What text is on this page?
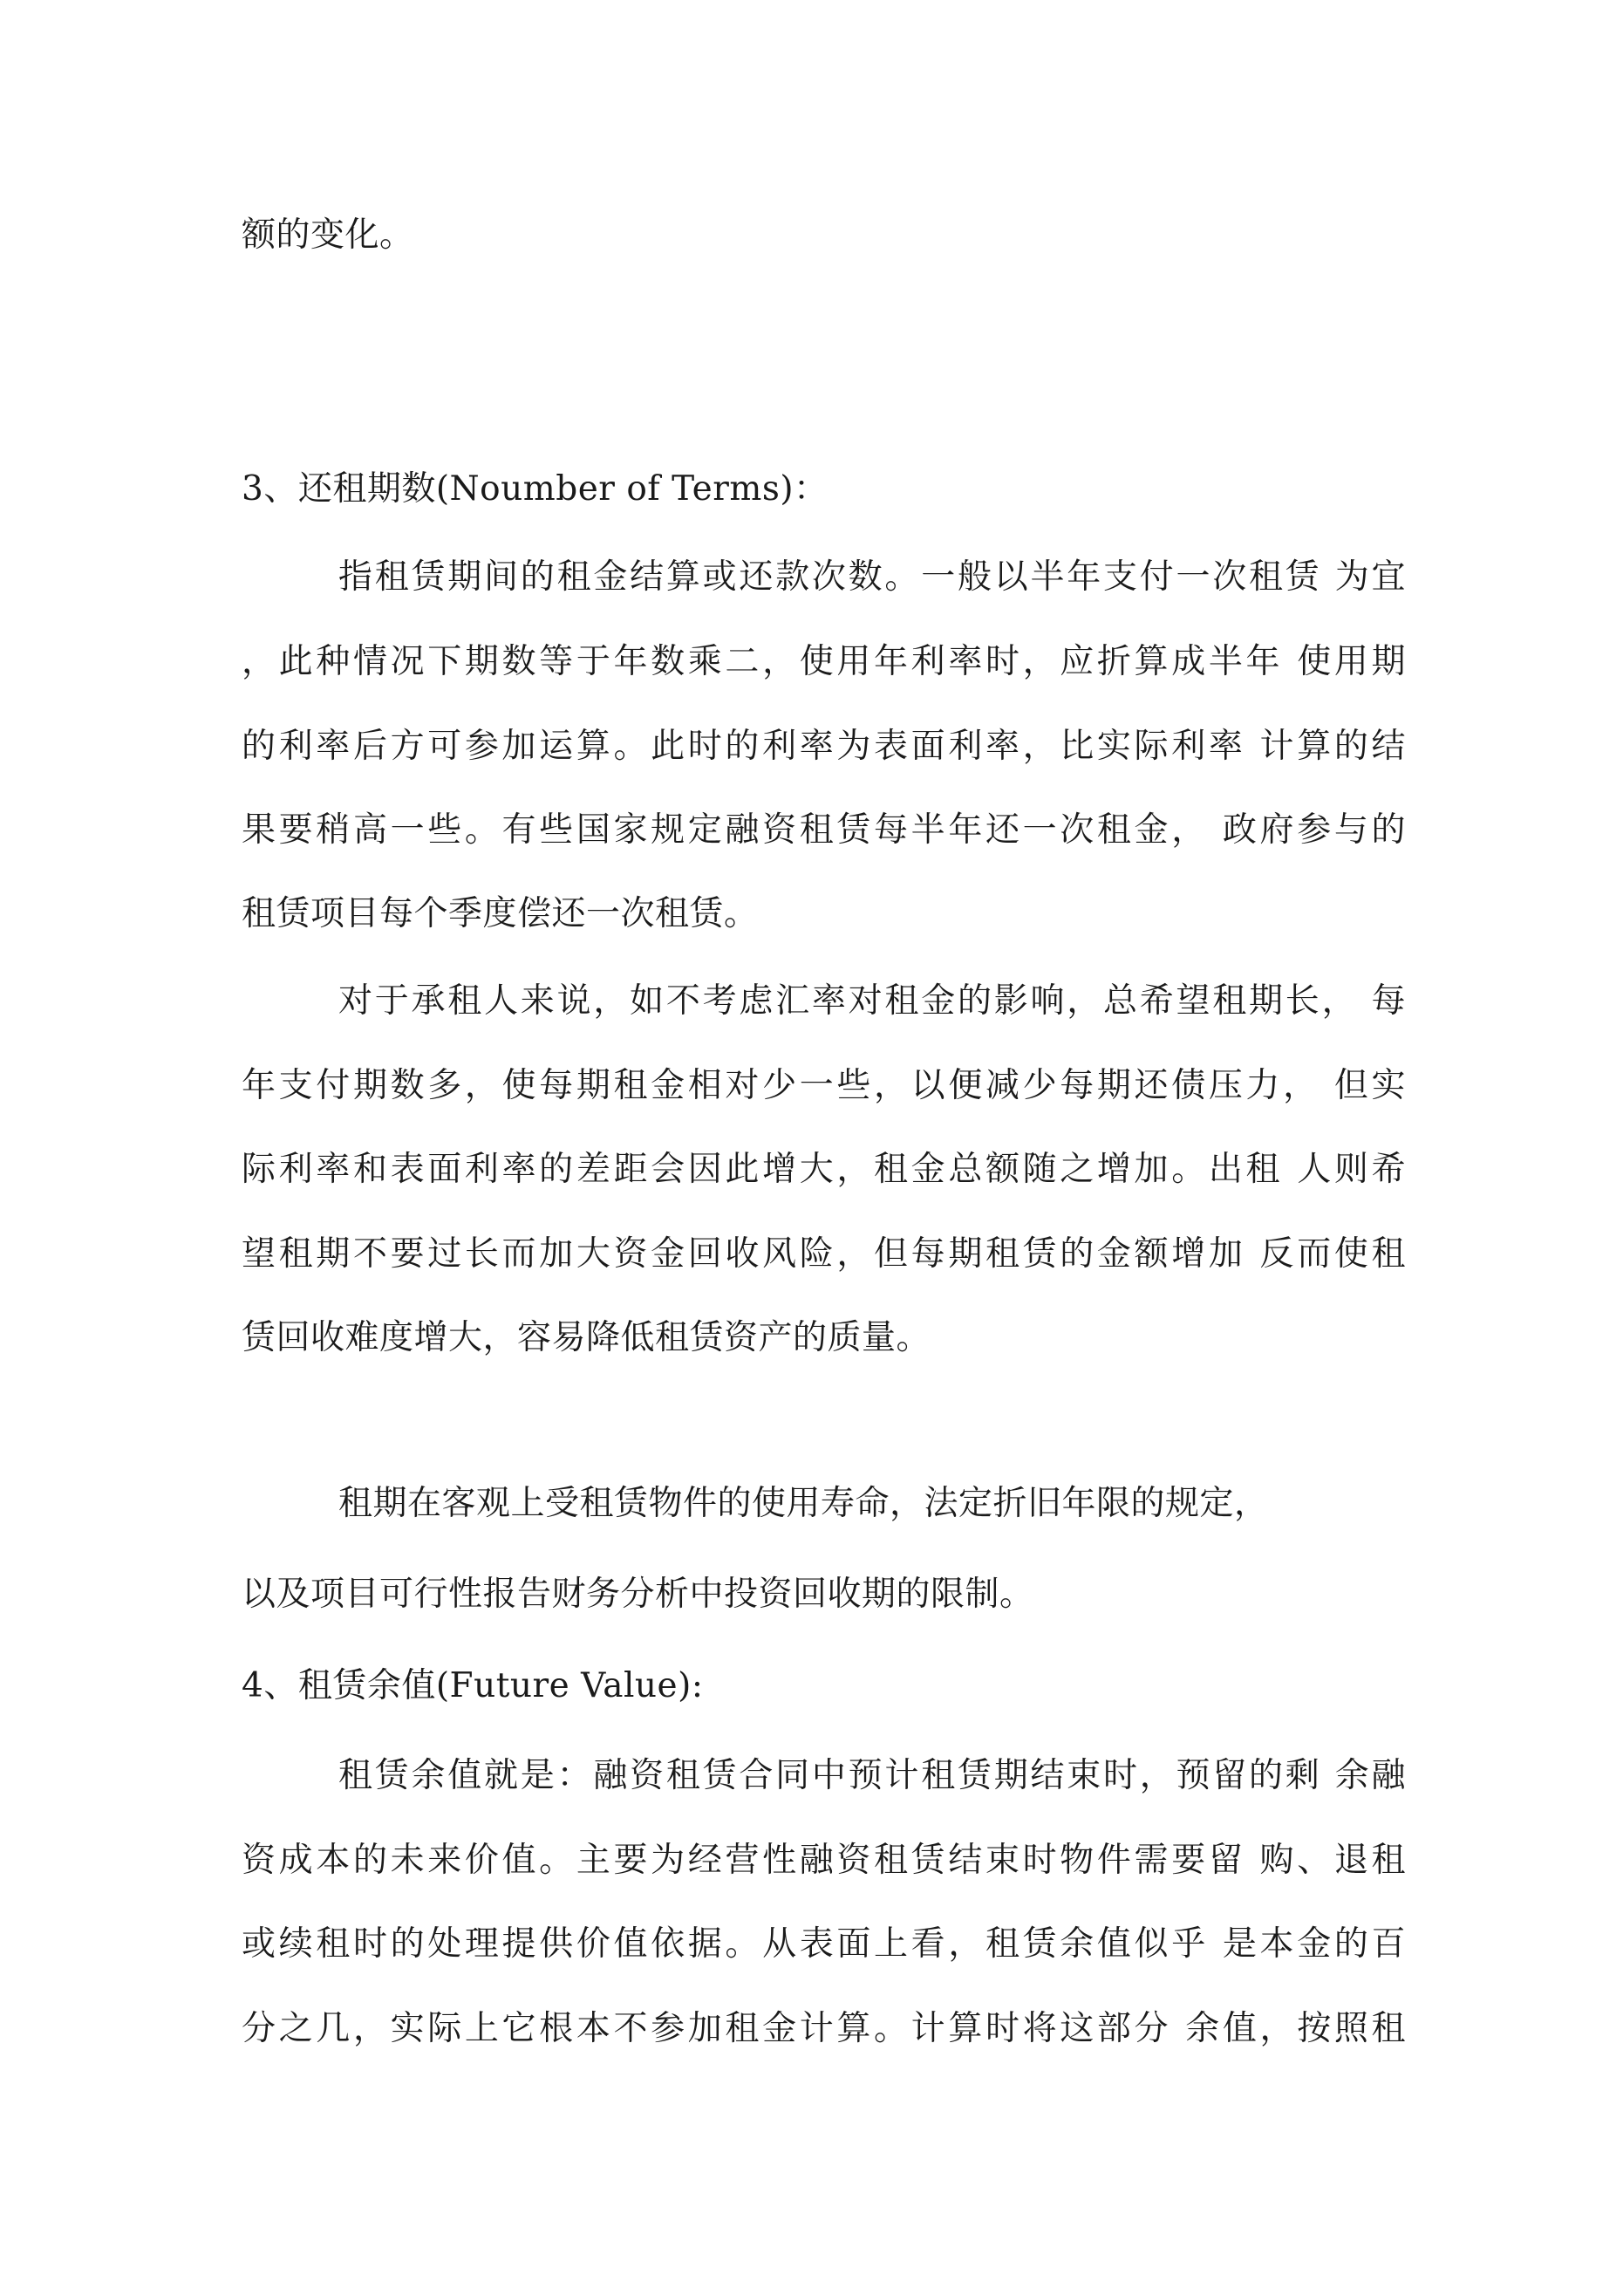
额的变化。
3、还租期数(Noumber of Terms)：
指租赁期间的租金结算或还款次数。一般以半年支付一次租赁 为宜
，此种情况下期数等于年数乘二，使用年利率时，应折算成半年 使用期
的利率后方可参加运算。此时的利率为表面利率，比实际利率 计算的结
果要稍高一些。有些国家规定融资租赁每半年还一次租金， 政府参与的
租赁项目每个季度偿还一次租赁。
对于承租人来说，如不考虑汇率对租金的影响，总希望租期长， 每
年支付期数多，使每期租金相对少一些，以便减少每期还债压力， 但实
际利率和表面利率的差距会因此增大，租金总额随之增加。出租 人则希
望租期不要过长而加大资金回收风险，但每期租赁的金额增加 反而使租
赁回收难度增大，容易降低租赁资产的质量。
租期在客观上受租赁物件的使用寿命，法定折旧年限的规定，
以及项目可行性报告财务分析中投资回收期的限制。
4、租赁余值(Future Value):
租赁余值就是：融资租赁合同中预计租赁期结束时，预留的剩 余融
资成本的未来价值。主要为经营性融资租赁结束时物件需要留 购、退租
或续租时的处理提供价值依据。从表面上看，租赁余值似乎 是本金的百
分之几，实际上它根本不参加租金计算。计算时将这部分 余值，按照租
